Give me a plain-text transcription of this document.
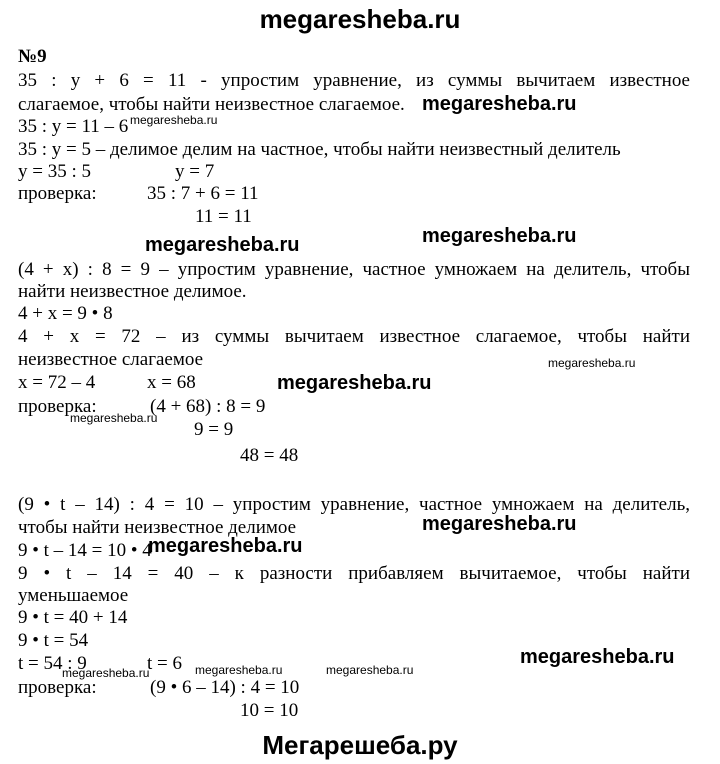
megaresheba.ru
№9
35 : y + 6 = 11 - упростим уравнение, из суммы вычитаем известное
слагаемое, чтобы найти неизвестное слагаемое.
35 : y = 11 – 6
35 : y = 5 – делимое делим на частное, чтобы найти неизвестный делитель
y = 35 : 5	y = 7
проверка:	35 : 7 + 6 = 11
11 = 11
(4 + x) : 8 = 9 – упростим уравнение, частное умножаем на делитель, чтобы
найти неизвестное делимое.
4 + x = 9 • 8
4 + x = 72 – из суммы вычитаем известное слагаемое, чтобы найти
неизвестное слагаемое
x = 72 – 4	x = 68
проверка:	(4 + 68) : 8 = 9
9 = 9
48 = 48
(9 • t – 14) : 4 = 10 – упростим уравнение, частное умножаем на делитель,
чтобы найти неизвестное делимое
9 • t – 14 = 10 • 4
9 • t – 14 = 40 – к разности прибавляем вычитаемое, чтобы найти
уменьшаемое
9 • t = 40 + 14
9 • t = 54
t = 54 : 9	t = 6
проверка:	(9 • 6 – 14) : 4 = 10
10 = 10
megaresheba.ru
megaresheba.ru	megaresheba.ru
megaresheba.ru
megaresheba.ru
megaresheba.ru
megaresheba.ru
megaresheba.ru
megaresheba.ru
megaresheba.ru
megaresheba.ru	megaresheba.ru	megaresheba.ru
Мегарешеба.ру
